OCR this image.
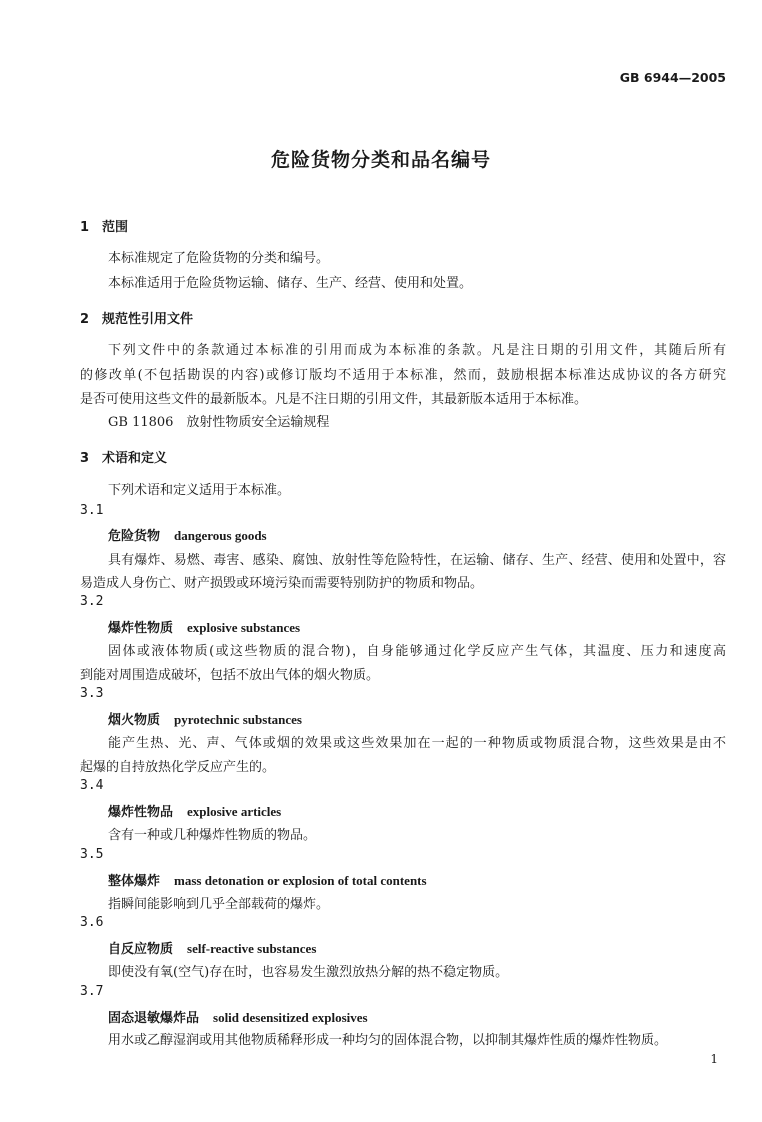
GB 6944—2005
危险货物分类和品名编号
1 范围
本标准规定了危险货物的分类和编号。
本标准适用于危险货物运输、储存、生产、经营、使用和处置。
2 规范性引用文件
下列文件中的条款通过本标准的引用而成为本标准的条款。凡是注日期的引用文件，其随后所有
的修改单(不包括勘误的内容)或修订版均不适用于本标准，然而，鼓励根据本标准达成协议的各方研究
是否可使用这些文件的最新版本。凡是不注日期的引用文件，其最新版本适用于本标准。
GB 11806　放射性物质安全运输规程
3 术语和定义
下列术语和定义适用于本标准。
3.1
危险货物 dangerous goods
具有爆炸、易燃、毒害、感染、腐蚀、放射性等危险特性，在运输、储存、生产、经营、使用和处置中，容
易造成人身伤亡、财产损毁或环境污染而需要特别防护的物质和物品。
3.2
爆炸性物质 explosive substances
固体或液体物质(或这些物质的混合物)，自身能够通过化学反应产生气体，其温度、压力和速度高
到能对周围造成破坏，包括不放出气体的烟火物质。
3.3
烟火物质 pyrotechnic substances
能产生热、光、声、气体或烟的效果或这些效果加在一起的一种物质或物质混合物，这些效果是由不
起爆的自持放热化学反应产生的。
3.4
爆炸性物品 explosive articles
含有一种或几种爆炸性物质的物品。
3.5
整体爆炸 mass detonation or explosion of total contents
指瞬间能影响到几乎全部载荷的爆炸。
3.6
自反应物质 self-reactive substances
即使没有氧(空气)存在时，也容易发生激烈放热分解的热不稳定物质。
3.7
固态退敏爆炸品 solid desensitized explosives
用水或乙醇湿润或用其他物质稀释形成一种均匀的固体混合物，以抑制其爆炸性质的爆炸性物质。
1
